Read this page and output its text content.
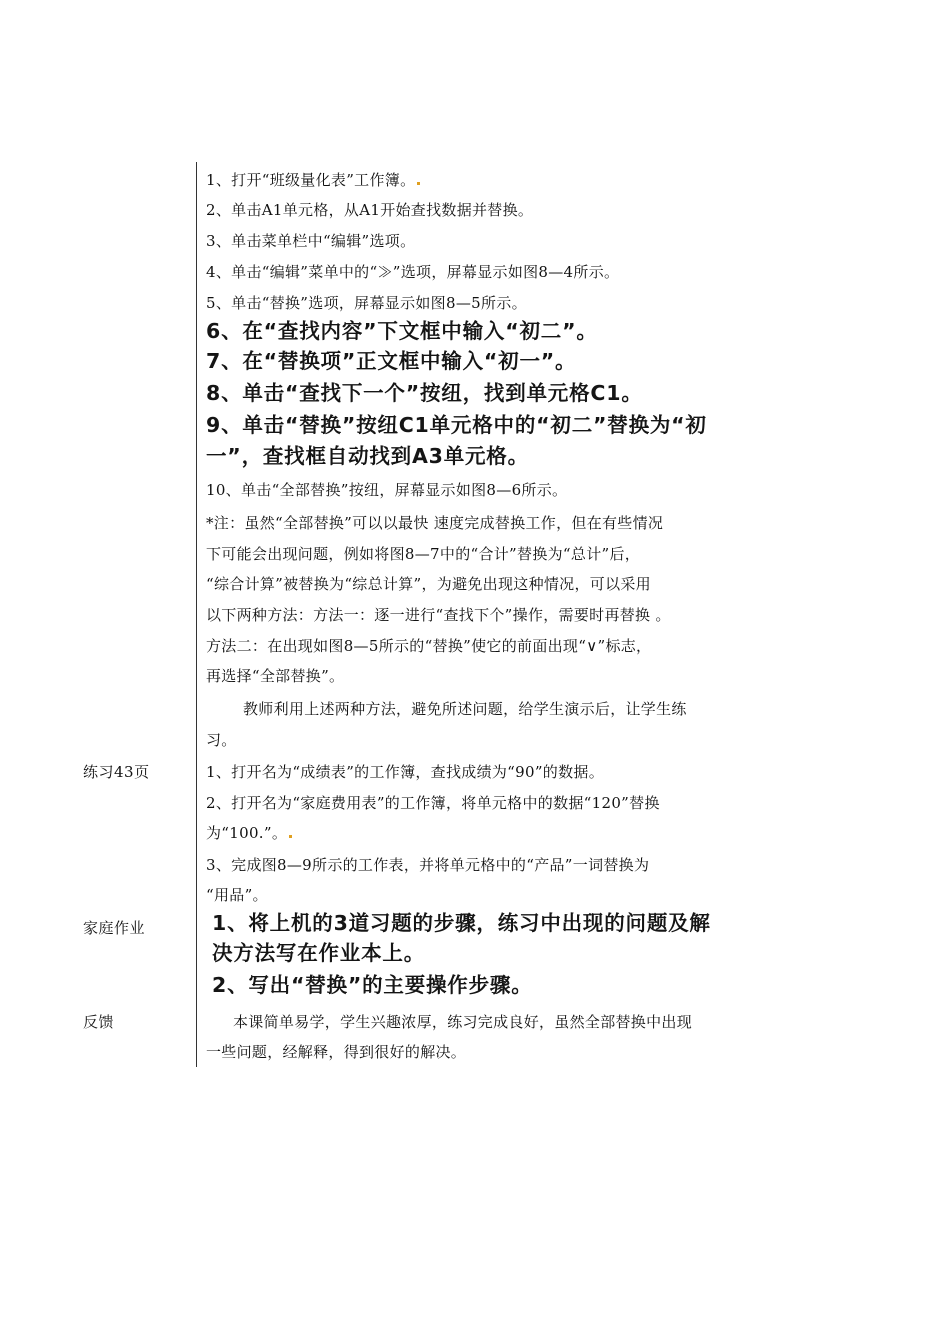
1、打开“班级量化表”工作簿。
2、单击A1单元格，从A1开始查找数据并替换。
3、单击菜单栏中“编辑”选项。
4、单击“编辑”菜单中的“≫”选项，屏幕显示如图8—4所示。
5、单击“替换”选项，屏幕显示如图8—5所示。
6、在“查找内容”下文框中输入“初二”。
7、在“替换项”正文框中输入“初一”。
8、单击“查找下一个”按纽，找到单元格C1。
9、单击“替换”按纽C1单元格中的“初二”替换为“初
一”，查找框自动找到A3单元格。
10、单击“全部替换”按纽，屏幕显示如图8—6所示。
*注：虽然“全部替换”可以以最快 速度完成替换工作，但在有些情况
下可能会出现问题，例如将图8—7中的“合计”替换为“总计”后，
“综合计算”被替换为“综总计算”，为避免出现这种情况，可以采用
以下两种方法：方法一：逐一进行“查找下个”操作，需要时再替换 。
方法二：在出现如图8—5所示的“替换”使它的前面出现“∨”标志，
再选择“全部替换”。
教师利用上述两种方法，避免所述问题，给学生演示后，让学生练
习。
练习43页	1、打开名为“成绩表”的工作簿，查找成绩为“90”的数据。
2、打开名为“家庭费用表”的工作簿，将单元格中的数据“120”替换
为“100.”。
3、完成图8—9所示的工作表，并将单元格中的“产品”一词替换为
“用品”。
家庭作业	1、将上机的3道习题的步骤，练习中出现的问题及解
决方法写在作业本上。
2、写出“替换”的主要操作步骤。
反馈	本课简单易学，学生兴趣浓厚，练习完成良好，虽然全部替换中出现
一些问题，经解释，得到很好的解决。
